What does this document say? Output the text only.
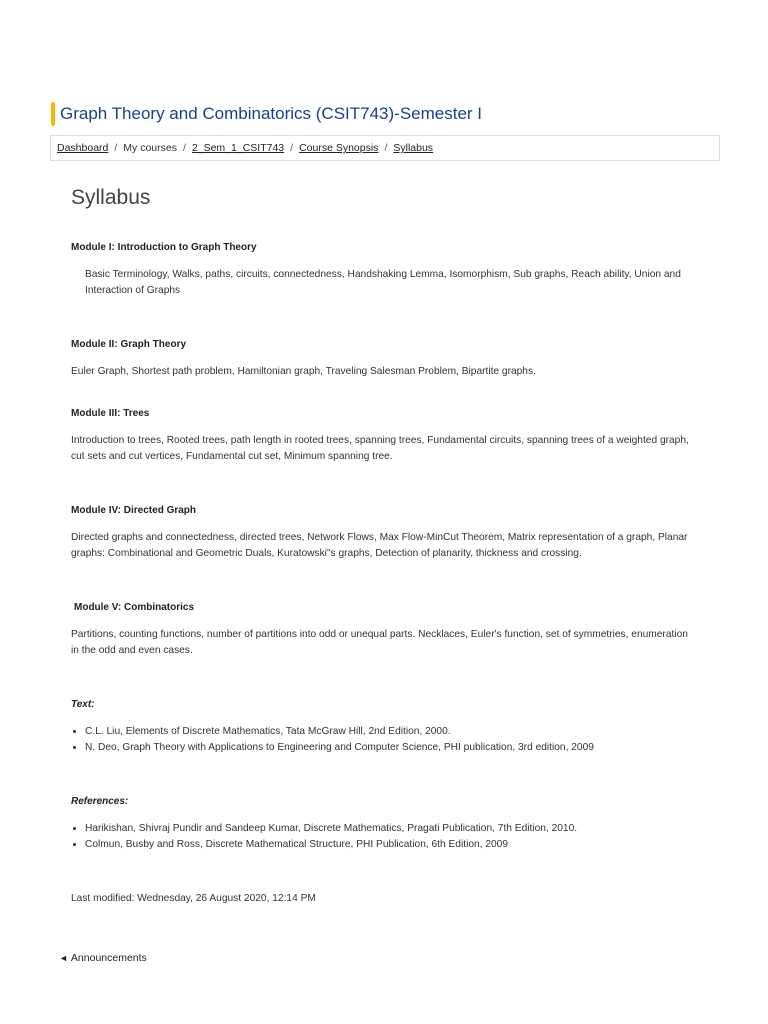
Graph Theory and Combinatorics (CSIT743)-Semester I
Dashboard / My courses / 2_Sem_1_CSIT743 / Course Synopsis / Syllabus
Syllabus

Module I: Introduction to Graph Theory

Basic Terminology, Walks, paths, circuits, connectedness, Handshaking Lemma, Isomorphism, Sub graphs, Reach ability, Union and Interaction of Graphs

Module II: Graph Theory

Euler Graph, Shortest path problem, Hamiltonian graph, Traveling Salesman Problem, Bipartite graphs.

Module III: Trees

Introduction to trees, Rooted trees, path length in rooted trees, spanning trees, Fundamental circuits, spanning trees of a weighted graph, cut sets and cut vertices, Fundamental cut set, Minimum spanning tree.

Module IV: Directed Graph

Directed graphs and connectedness, directed trees, Network Flows, Max Flow-MinCut Theorem, Matrix representation of a graph, Planar graphs: Combinational and Geometric Duals, Kuratowski"s graphs, Detection of planarity, thickness and crossing.

Module V: Combinatorics

Partitions, counting functions, number of partitions into odd or unequal parts. Necklaces, Euler's function, set of symmetries, enumeration in the odd and even cases.

Text:

• C.L. Liu, Elements of Discrete Mathematics, Tata McGraw Hill, 2nd Edition, 2000.
• N. Deo, Graph Theory with Applications to Engineering and Computer Science, PHI publication, 3rd edition, 2009

References:

• Harikishan, Shivraj Pundir and Sandeep Kumar, Discrete Mathematics, Pragati Publication, 7th Edition, 2010.
• Colmun, Busby and Ross, Discrete Mathematical Structure, PHI Publication, 6th Edition, 2009

Last modified: Wednesday, 26 August 2020, 12:14 PM

◄ Announcements
